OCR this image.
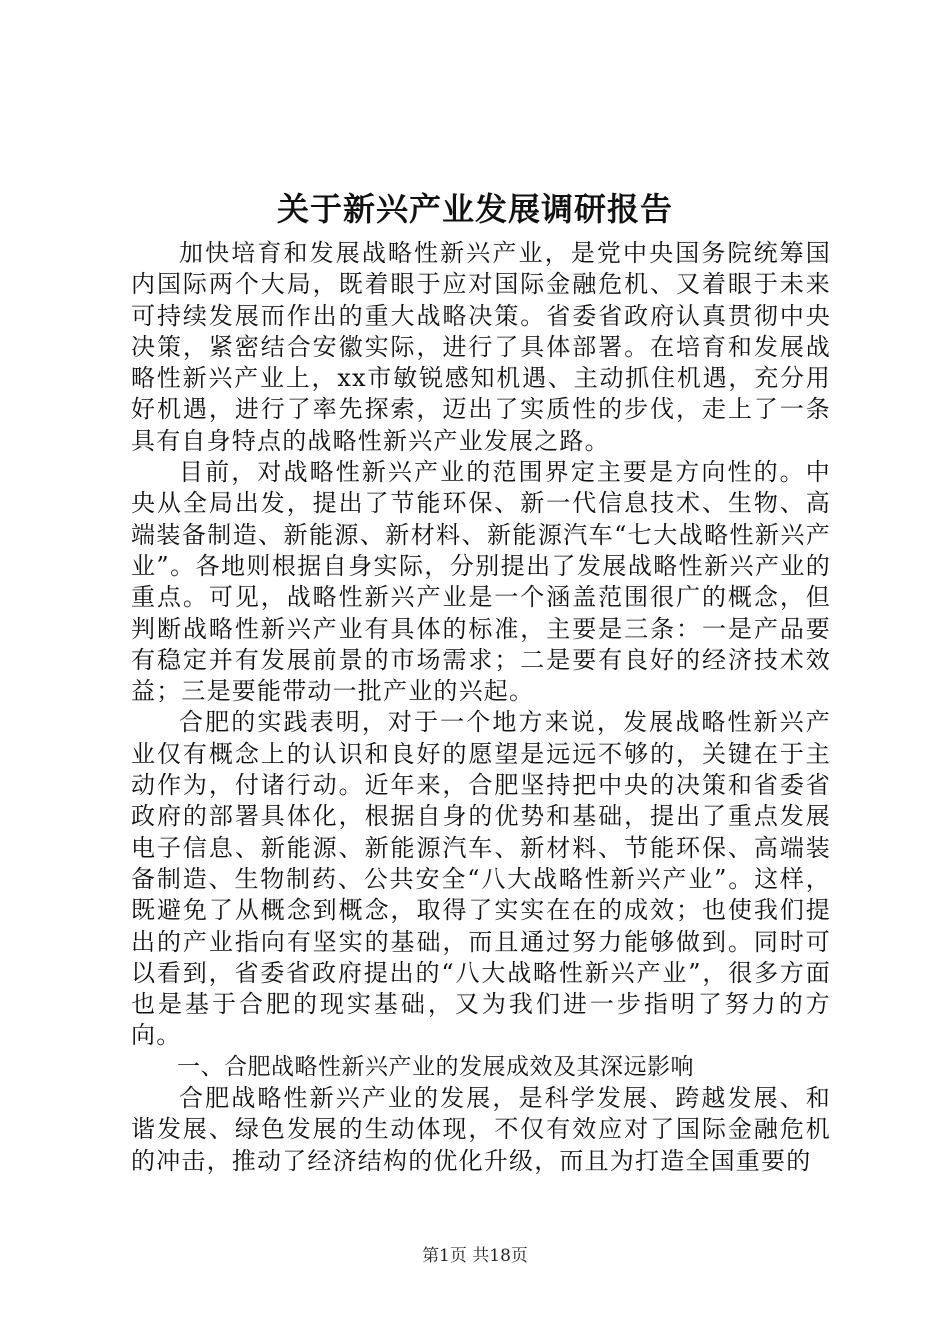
关于新兴产业发展调研报告

加快培育和发展战略性新兴产业，是党中央国务院统筹国内国际两个大局，既着眼于应对国际金融危机、又着眼于未来可持续发展而作出的重大战略决策。省委省政府认真贯彻中央决策，紧密结合安徽实际，进行了具体部署。在培育和发展战略性新兴产业上，xx市敏锐感知机遇、主动抓住机遇，充分用好机遇，进行了率先探索，迈出了实质性的步伐，走上了一条具有自身特点的战略性新兴产业发展之路。

目前，对战略性新兴产业的范围界定主要是方向性的。中央从全局出发，提出了节能环保、新一代信息技术、生物、高端装备制造、新能源、新材料、新能源汽车“七大战略性新兴产业”。各地则根据自身实际，分别提出了发展战略性新兴产业的重点。可见，战略性新兴产业是一个涵盖范围很广的概念，但判断战略性新兴产业有具体的标准，主要是三条：一是产品要有稳定并有发展前景的市场需求；二是要有良好的经济技术效益；三是要能带动一批产业的兴起。

合肥的实践表明，对于一个地方来说，发展战略性新兴产业仅有概念上的认识和良好的愿望是远远不够的，关键在于主动作为，付诸行动。近年来，合肥坚持把中央的决策和省委省政府的部署具体化，根据自身的优势和基础，提出了重点发展电子信息、新能源、新能源汽车、新材料、节能环保、高端装备制造、生物制药、公共安全“八大战略性新兴产业”。这样，既避免了从概念到概念，取得了实实在在的成效；也使我们提出的产业指向有坚实的基础，而且通过努力能够做到。同时可以看到，省委省政府提出的“八大战略性新兴产业”，很多方面也是基于合肥的现实基础，又为我们进一步指明了努力的方向。

一、合肥战略性新兴产业的发展成效及其深远影响

合肥战略性新兴产业的发展，是科学发展、跨越发展、和谐发展、绿色发展的生动体现，不仅有效应对了国际金融危机的冲击，推动了经济结构的优化升级，而且为打造全国重要的

第1页 共18页
